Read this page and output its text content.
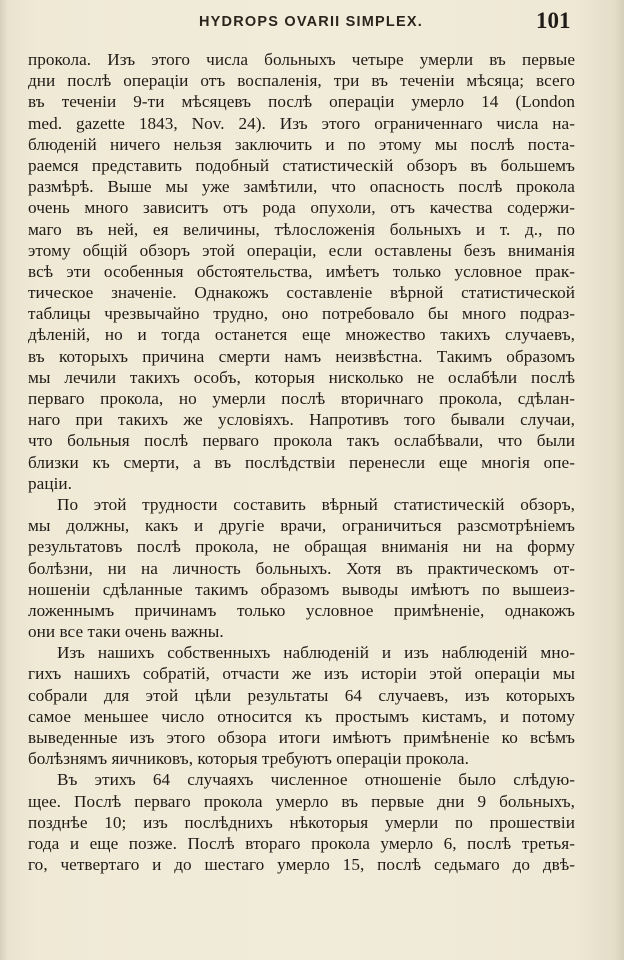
HYDROPS OVARII SIMPLEX.	101
прокола. Изъ этого числа больныхъ четыре умерли въ первые
дни послѣ операціи отъ воспаленія, три въ теченіи мѣсяца; всего
въ теченіи 9-ти мѣсяцевъ послѣ операціи умерло 14 (London
med. gazette 1843, Nov. 24). Изъ этого ограниченнаго числа на-
блюденій ничего нельзя заключить и по этому мы послѣ поста-
раемся представить подобный статистическій обзоръ въ большемъ
размѣрѣ. Выше мы уже замѣтили, что опасность послѣ прокола
очень много зависитъ отъ рода опухоли, отъ качества содержи-
маго въ ней, ея величины, тѣлосложенія больныхъ и т. д., по
этому общій обзоръ этой операціи, если оставлены безъ вниманія
всѣ эти особенныя обстоятельства, имѣетъ только условное прак-
тическое значеніе. Однакожъ составленіе вѣрной статистической
таблицы чрезвычайно трудно, оно потребовало бы много подраз-
дѣленій, но и тогда останется еще множество такихъ случаевъ,
въ которыхъ причина смерти намъ неизвѣстна. Такимъ образомъ
мы лечили такихъ особъ, которыя нисколько не ослабѣли послѣ
перваго прокола, но умерли послѣ вторичнаго прокола, сдѣлан-
наго при такихъ же условіяхъ. Напротивъ того бывали случаи,
что больныя послѣ перваго прокола такъ ослабѣвали, что были
близки къ смерти, а въ послѣдствіи перенесли еще многія опе-
раціи.
По этой трудности составить вѣрный статистическій обзоръ,
мы должны, какъ и другіе врачи, ограничиться разсмотрѣніемъ
результатовъ послѣ прокола, не обращая вниманія ни на форму
болѣзни, ни на личность больныхъ. Хотя въ практическомъ от-
ношеніи сдѣланные такимъ образомъ выводы имѣютъ по вышеиз-
ложеннымъ причинамъ только условное примѣненіе, однакожъ
они все таки очень важны.
Изъ нашихъ собственныхъ наблюденій и изъ наблюденій мно-
гихъ нашихъ собратій, отчасти же изъ исторіи этой операціи мы
собрали для этой цѣли результаты 64 случаевъ, изъ которыхъ
самое меньшее число относится къ простымъ кистамъ, и потому
выведенные изъ этого обзора итоги имѣютъ примѣненіе ко всѣмъ
болѣзнямъ яичниковъ, которыя требуютъ операціи прокола.
Въ этихъ 64 случаяхъ численное отношеніе было слѣдую-
щее. Послѣ перваго прокола умерло въ первые дни 9 больныхъ,
позднѣе 10; изъ послѣднихъ нѣкоторыя умерли по прошествіи
года и еще позже. Послѣ втораго прокола умерло 6, послѣ третья-
го, четвертаго и до шестаго умерло 15, послѣ седьмаго до двѣ-
